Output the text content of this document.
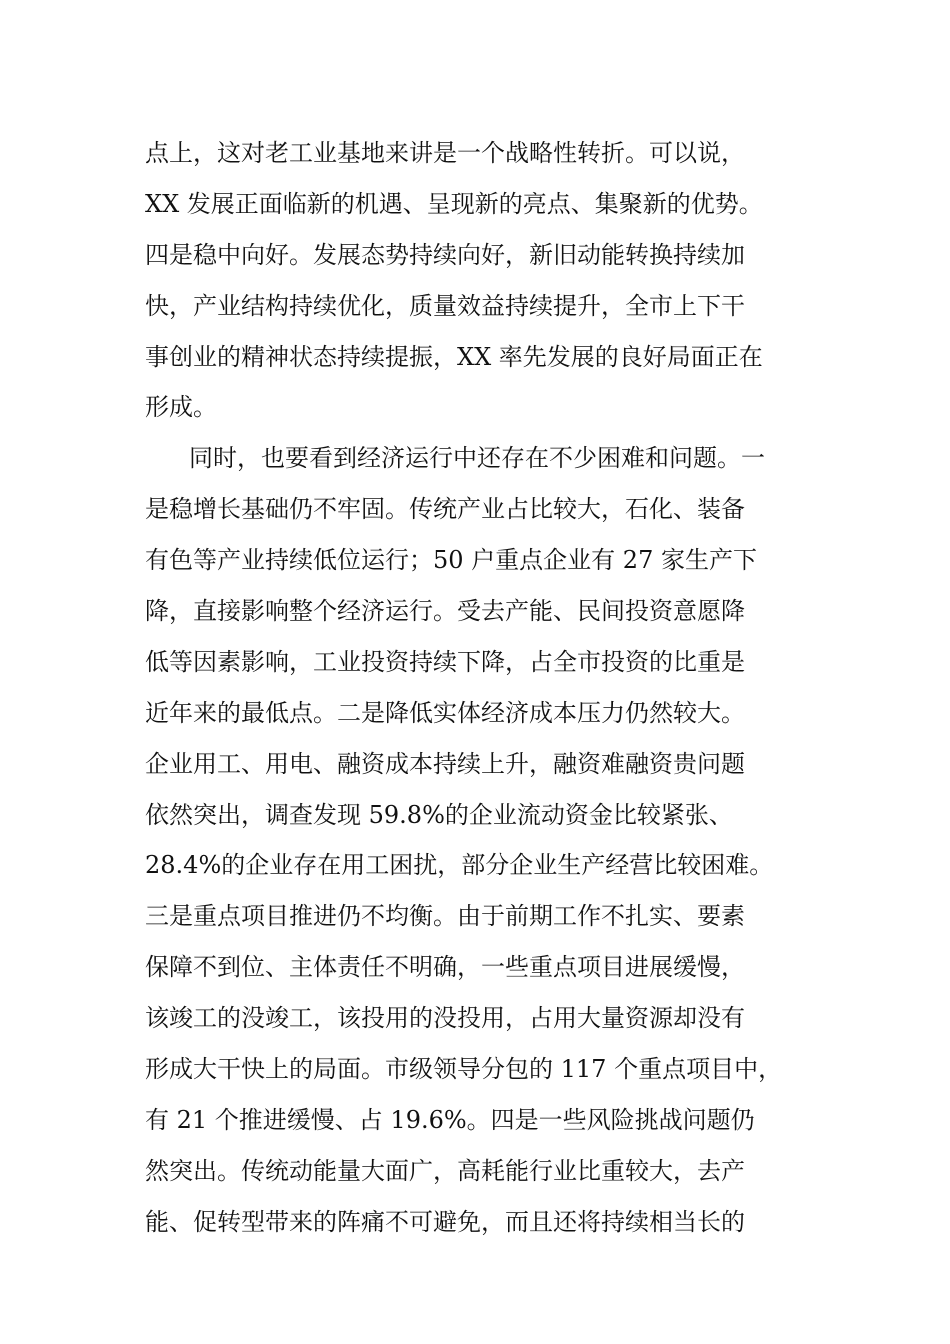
点上，这对老工业基地来讲是一个战略性转折。可以说，
XX 发展正面临新的机遇、呈现新的亮点、集聚新的优势。
四是稳中向好。发展态势持续向好，新旧动能转换持续加
快，产业结构持续优化，质量效益持续提升，全市上下干
事创业的精神状态持续提振，XX 率先发展的良好局面正在
形成。
同时，也要看到经济运行中还存在不少困难和问题。一
是稳增长基础仍不牢固。传统产业占比较大，石化、装备
有色等产业持续低位运行；50 户重点企业有 27 家生产下
降，直接影响整个经济运行。受去产能、民间投资意愿降
低等因素影响，工业投资持续下降，占全市投资的比重是
近年来的最低点。二是降低实体经济成本压力仍然较大。
企业用工、用电、融资成本持续上升，融资难融资贵问题
依然突出，调查发现 59.8%的企业流动资金比较紧张、
28.4%的企业存在用工困扰，部分企业生产经营比较困难。
三是重点项目推进仍不均衡。由于前期工作不扎实、要素
保障不到位、主体责任不明确，一些重点项目进展缓慢，
该竣工的没竣工，该投用的没投用，占用大量资源却没有
形成大干快上的局面。市级领导分包的 117 个重点项目中，
有 21 个推进缓慢、占 19.6%。四是一些风险挑战问题仍
然突出。传统动能量大面广，高耗能行业比重较大，去产
能、促转型带来的阵痛不可避免，而且还将持续相当长的
